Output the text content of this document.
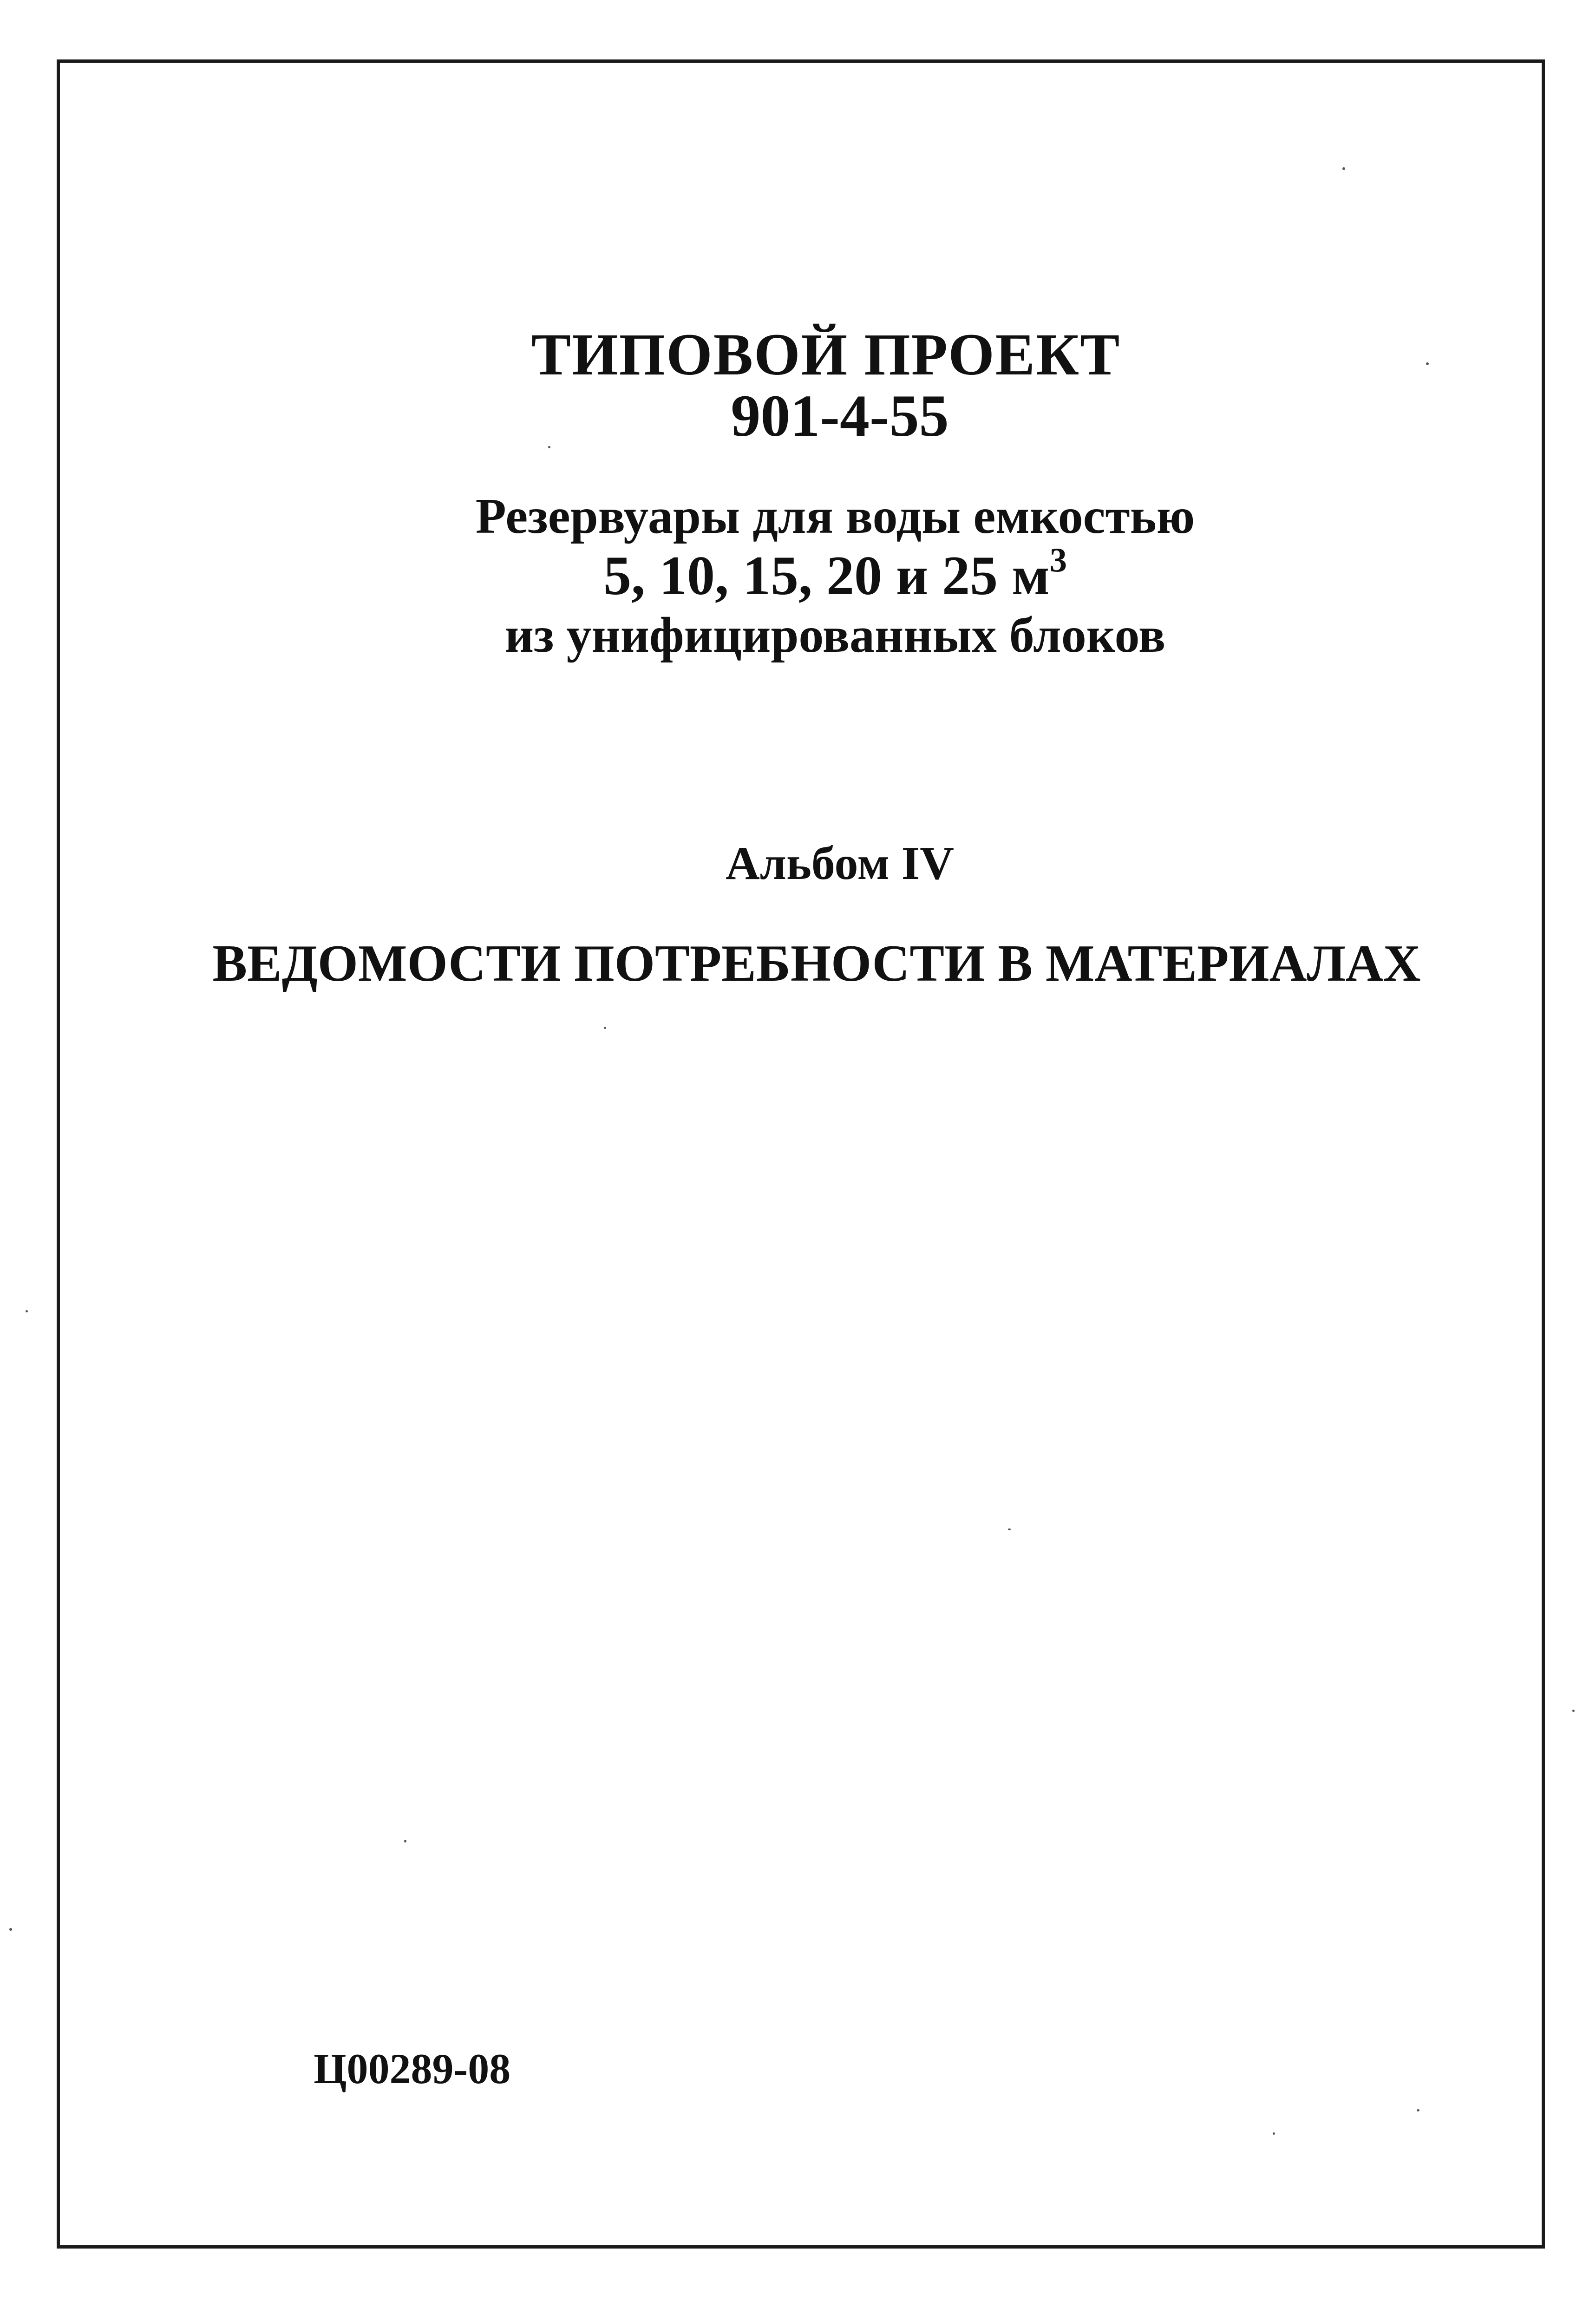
ТИПОВОЙ ПРОЕКТ
901-4-55
Резервуары для воды емкостью
5, 10, 15, 20 и 25 $м^3$
из унифицированных блоков
Альбом IV
ВЕДОМОСТИ ПОТРЕБНОСТИ В МАТЕРИАЛАХ
Ц00289-08
